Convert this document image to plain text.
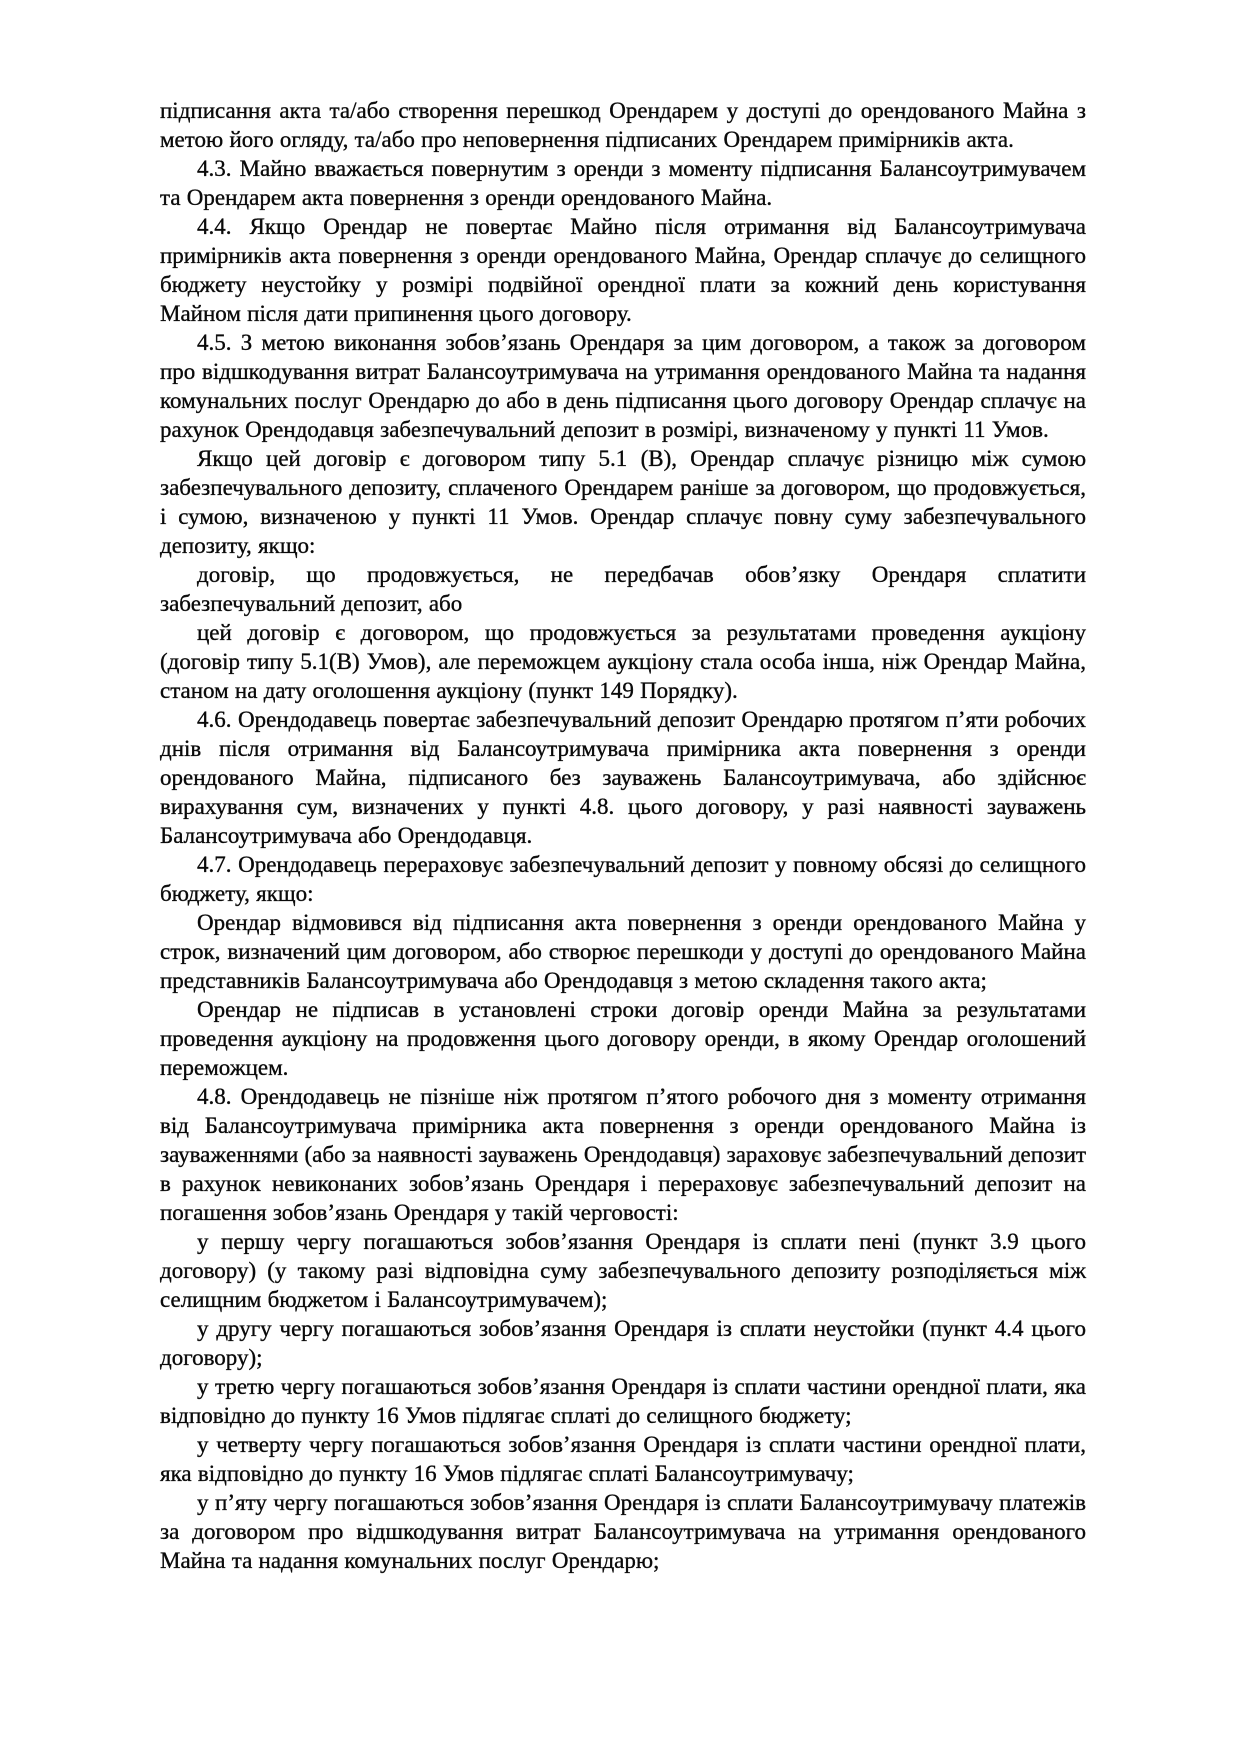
підписання акта та/або створення перешкод Орендарем у доступі до орендованого Майна з метою його огляду, та/або про неповернення підписаних Орендарем примірників акта.

4.3. Майно вважається повернутим з оренди з моменту підписання Балансоутримувачем та Орендарем акта повернення з оренди орендованого Майна.

4.4. Якщо Орендар не повертає Майно після отримання від Балансоутримувача примірників акта повернення з оренди орендованого Майна, Орендар сплачує до селищного бюджету неустойку у розмірі подвійної орендної плати за кожний день користування Майном після дати припинення цього договору.

4.5. З метою виконання зобов’язань Орендаря за цим договором, а також за договором про відшкодування витрат Балансоутримувача на утримання орендованого Майна та надання комунальних послуг Орендарю до або в день підписання цього договору Орендар сплачує на рахунок Орендодавця забезпечувальний депозит в розмірі, визначеному у пункті 11 Умов.

Якщо цей договір є договором типу 5.1 (В), Орендар сплачує різницю між сумою забезпечувального депозиту, сплаченого Орендарем раніше за договором, що продовжується, і сумою, визначеною у пункті 11 Умов. Орендар сплачує повну суму забезпечувального депозиту, якщо:

договір, що продовжується, не передбачав обов’язку Орендаря сплатити забезпечувальний депозит, або

цей договір є договором, що продовжується за результатами проведення аукціону (договір типу 5.1(В) Умов), але переможцем аукціону стала особа інша, ніж Орендар Майна, станом на дату оголошення аукціону (пункт 149 Порядку).

4.6. Орендодавець повертає забезпечувальний депозит Орендарю протягом п’яти робочих днів після отримання від Балансоутримувача примірника акта повернення з оренди орендованого Майна, підписаного без зауважень Балансоутримувача, або здійснює вирахування сум, визначених у пункті 4.8. цього договору, у разі наявності зауважень Балансоутримувача або Орендодавця.

4.7. Орендодавець перераховує забезпечувальний депозит у повному обсязі до селищного бюджету, якщо:

Орендар відмовився від підписання акта повернення з оренди орендованого Майна у строк, визначений цим договором, або створює перешкоди у доступі до орендованого Майна представників Балансоутримувача або Орендодавця з метою складення такого акта;

Орендар не підписав в установлені строки договір оренди Майна за результатами проведення аукціону на продовження цього договору оренди, в якому Орендар оголошений переможцем.

4.8. Орендодавець не пізніше ніж протягом п’ятого робочого дня з моменту отримання від Балансоутримувача примірника акта повернення з оренди орендованого Майна із зауваженнями (або за наявності зауважень Орендодавця) зараховує забезпечувальний депозит в рахунок невиконаних зобов’язань Орендаря і перераховує забезпечувальний депозит на погашення зобов’язань Орендаря у такій черговості:

у першу чергу погашаються зобов’язання Орендаря із сплати пені (пункт 3.9 цього договору) (у такому разі відповідна суму забезпечувального депозиту розподіляється між селищним бюджетом і Балансоутримувачем);

у другу чергу погашаються зобов’язання Орендаря із сплати неустойки (пункт 4.4 цього договору);

у третю чергу погашаються зобов’язання Орендаря із сплати частини орендної плати, яка відповідно до пункту 16 Умов підлягає сплаті до селищного бюджету;

у четверту чергу погашаються зобов’язання Орендаря із сплати частини орендної плати, яка відповідно до пункту 16 Умов підлягає сплаті Балансоутримувачу;

у п’яту чергу погашаються зобов’язання Орендаря із сплати Балансоутримувачу платежів за договором про відшкодування витрат Балансоутримувача на утримання орендованого Майна та надання комунальних послуг Орендарю;
